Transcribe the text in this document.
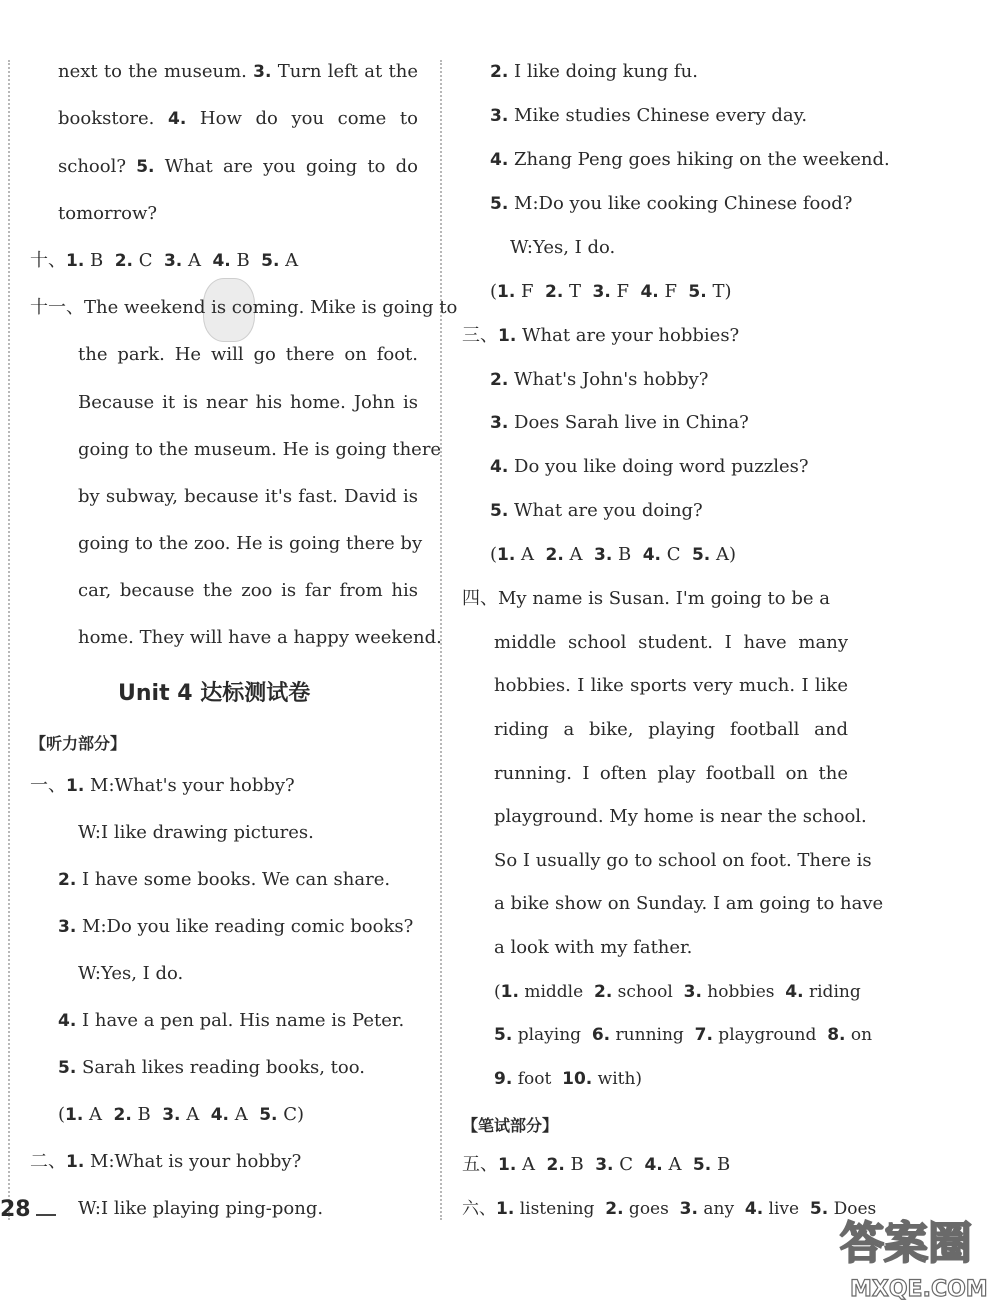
next to the museum. 3. Turn left at the
bookstore. 4. How do you come to
school? 5. What are you going to do
tomorrow?
十、1. B 2. C 3. A 4. B 5. A
十一、The weekend is coming. Mike is going to
the park. He will go there on foot.
Because it is near his home. John is
going to the museum. He is going there
by subway, because it's fast. David is
going to the zoo. He is going there by
car, because the zoo is far from his
home. They will have a happy weekend.
Unit 4 达标测试卷
【听力部分】
一、1. M:What's your hobby?
W:I like drawing pictures.
2. I have some books. We can share.
3. M:Do you like reading comic books?
W:Yes, I do.
4. I have a pen pal. His name is Peter.
5. Sarah likes reading books, too.
(1. A 2. B 3. A 4. A 5. C)
二、1. M:What is your hobby?
W:I like playing ping-pong.
28
2. I like doing kung fu.
3. Mike studies Chinese every day.
4. Zhang Peng goes hiking on the weekend.
5. M:Do you like cooking Chinese food?
W:Yes, I do.
(1. F 2. T 3. F 4. F 5. T)
三、1. What are your hobbies?
2. What's John's hobby?
3. Does Sarah live in China?
4. Do you like doing word puzzles?
5. What are you doing?
(1. A 2. A 3. B 4. C 5. A)
四、My name is Susan. I'm going to be a
middle school student. I have many
hobbies. I like sports very much. I like
riding a bike, playing football and
running. I often play football on the
playground. My home is near the school.
So I usually go to school on foot. There is
a bike show on Sunday. I am going to have
a look with my father.
(1. middle 2. school 3. hobbies 4. riding
5. playing 6. running 7. playground 8. on
9. foot 10. with)
【笔试部分】
五、1. A 2. B 3. C 4. A 5. B
六、1. listening 2. goes 3. any 4. live 5. Does
答案圈
MXQE.COM
